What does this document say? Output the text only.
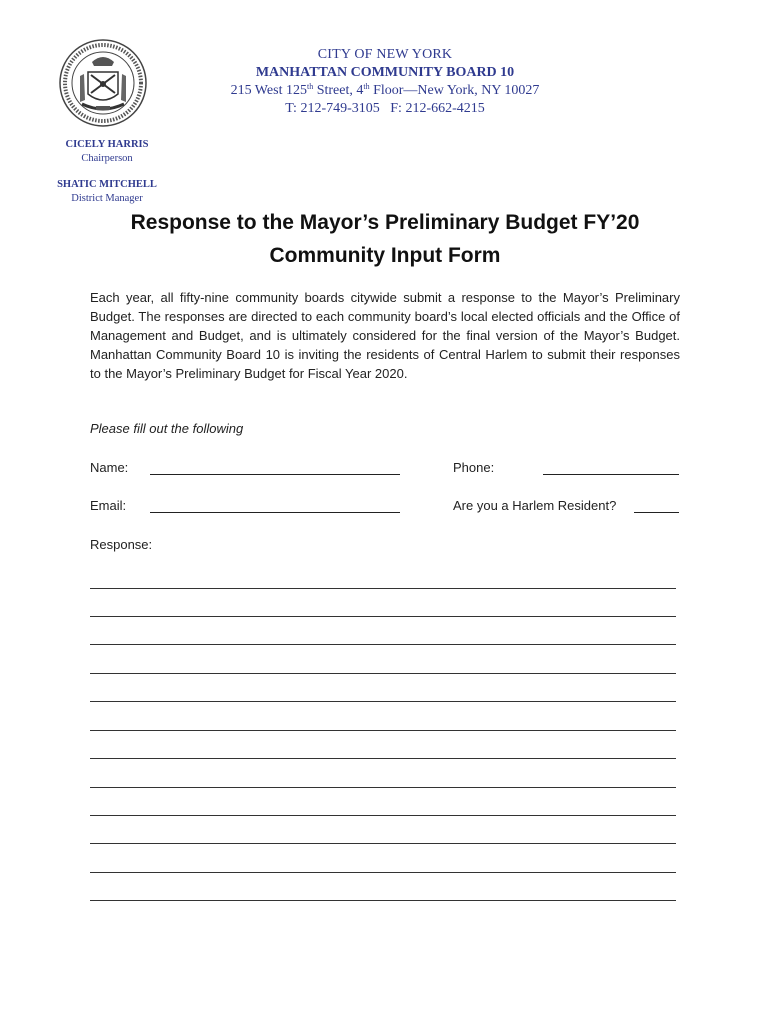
CITY OF NEW YORK
MANHATTAN COMMUNITY BOARD 10
215 West 125th Street, 4th Floor—New York, NY 10027
T: 212-749-3105   F: 212-662-4215
CICELY HARRIS
Chairperson
SHATIC MITCHELL
District Manager
Response to the Mayor’s Preliminary Budget FY’20
Community Input Form
Each year, all fifty-nine community boards citywide submit a response to the Mayor’s Preliminary Budget. The responses are directed to each community board’s local elected officials and the Office of Management and Budget, and is ultimately considered for the final version of the Mayor’s Budget. Manhattan Community Board 10 is inviting the residents of Central Harlem to submit their responses to the Mayor’s Preliminary Budget for Fiscal Year 2020.
Please fill out the following
Name:	Phone:
Email:	Are you a Harlem Resident?
Response:
